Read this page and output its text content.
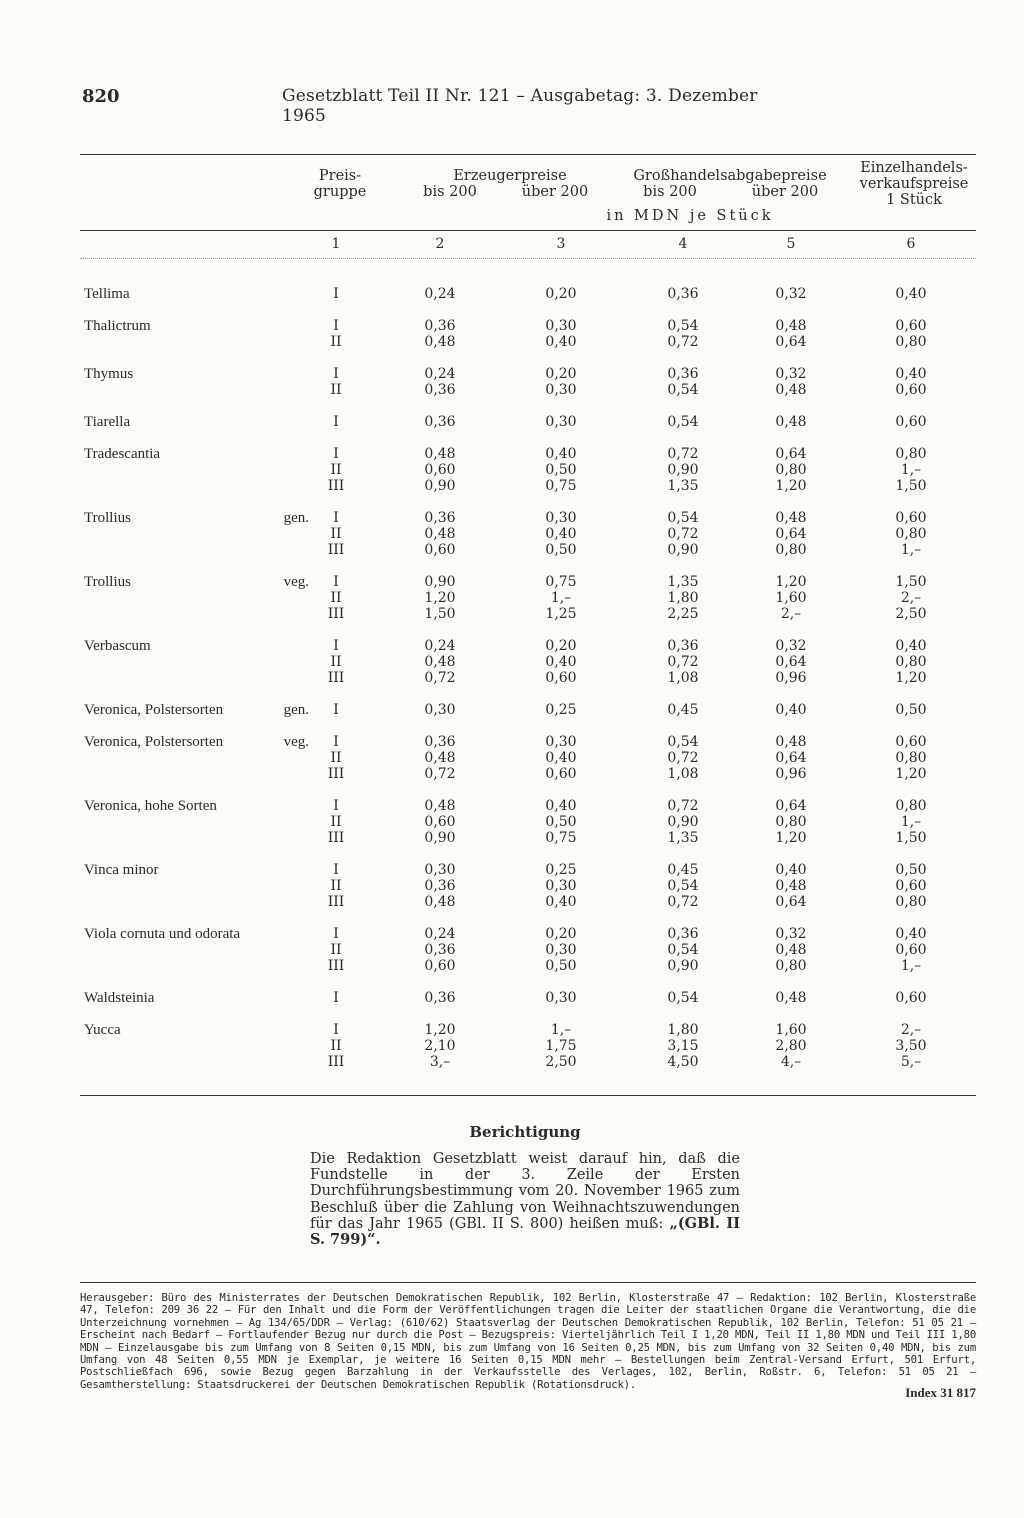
820	Gesetzblatt Teil II Nr. 121 – Ausgabetag: 3. Dezember 1965
Preis-
gruppe
Erzeugerpreise
bis 200	über 200
Großhandelsabgabepreise
bis 200	über 200
in MDN je Stück
Einzelhandels-
verkaufspreise
1 Stück
1	2	3	4	5	6
Tellima	I	0,24	0,20	0,36	0,32	0,40
Thalictrum	I	0,36	0,30	0,54	0,48	0,60
II	0,48	0,40	0,72	0,64	0,80
Thymus	I	0,24	0,20	0,36	0,32	0,40
II	0,36	0,30	0,54	0,48	0,60
Tiarella	I	0,36	0,30	0,54	0,48	0,60
Tradescantia	I	0,48	0,40	0,72	0,64	0,80
II	0,60	0,50	0,90	0,80	1,–
III	0,90	0,75	1,35	1,20	1,50
Trollius	gen.	I	0,36	0,30	0,54	0,48	0,60
II	0,48	0,40	0,72	0,64	0,80
III	0,60	0,50	0,90	0,80	1,–
Trollius	veg.	I	0,90	0,75	1,35	1,20	1,50
II	1,20	1,–	1,80	1,60	2,–
III	1,50	1,25	2,25	2,–	2,50
Verbascum	I	0,24	0,20	0,36	0,32	0,40
II	0,48	0,40	0,72	0,64	0,80
III	0,72	0,60	1,08	0,96	1,20
Veronica, Polstersorten	gen.	I	0,30	0,25	0,45	0,40	0,50
Veronica, Polstersorten	veg.	I	0,36	0,30	0,54	0,48	0,60
II	0,48	0,40	0,72	0,64	0,80
III	0,72	0,60	1,08	0,96	1,20
Veronica, hohe Sorten	I	0,48	0,40	0,72	0,64	0,80
II	0,60	0,50	0,90	0,80	1,–
III	0,90	0,75	1,35	1,20	1,50
Vinca minor	I	0,30	0,25	0,45	0,40	0,50
II	0,36	0,30	0,54	0,48	0,60
III	0,48	0,40	0,72	0,64	0,80
Viola cornuta und odorata	I	0,24	0,20	0,36	0,32	0,40
II	0,36	0,30	0,54	0,48	0,60
III	0,60	0,50	0,90	0,80	1,–
Waldsteinia	I	0,36	0,30	0,54	0,48	0,60
Yucca	I	1,20	1,–	1,80	1,60	2,–
II	2,10	1,75	3,15	2,80	3,50
III	3,–	2,50	4,50	4,–	5,–
Berichtigung
Die Redaktion Gesetzblatt weist darauf hin, daß die Fundstelle in der 3. Zeile der Ersten Durchführungsbestimmung vom 20. November 1965 zum Beschluß über die Zahlung von Weihnachtszuwendungen für das Jahr 1965 (GBl. II S. 800) heißen muß: „(GBl. II S. 799)“.
Herausgeber: Büro des Ministerrates der Deutschen Demokratischen Republik, 102 Berlin, Klosterstraße 47 – Redaktion: 102 Berlin, Klosterstraße 47, Telefon: 209 36 22 – Für den Inhalt und die Form der Veröffentlichungen tragen die Leiter der staatlichen Organe die Verantwortung, die die Unterzeichnung vornehmen – Ag 134/65/DDR – Verlag: (610/62) Staatsverlag der Deutschen Demokratischen Republik, 102 Berlin, Telefon: 51 05 21 – Erscheint nach Bedarf – Fortlaufender Bezug nur durch die Post – Bezugspreis: Vierteljährlich Teil I 1,20 MDN, Teil II 1,80 MDN und Teil III 1,80 MDN – Einzelausgabe bis zum Umfang von 8 Seiten 0,15 MDN, bis zum Umfang von 16 Seiten 0,25 MDN, bis zum Umfang von 32 Seiten 0,40 MDN, bis zum Umfang von 48 Seiten 0,55 MDN je Exemplar, je weitere 16 Seiten 0,15 MDN mehr – Bestellungen beim Zentral-Versand Erfurt, 501 Erfurt, Postschließfach 696, sowie Bezug gegen Barzahlung in der Verkaufsstelle des Verlages, 102, Berlin, Roßstr. 6, Telefon: 51 05 21 – Gesamtherstellung: Staatsdruckerei der Deutschen Demokratischen Republik (Rotationsdruck).
Index 31 817
